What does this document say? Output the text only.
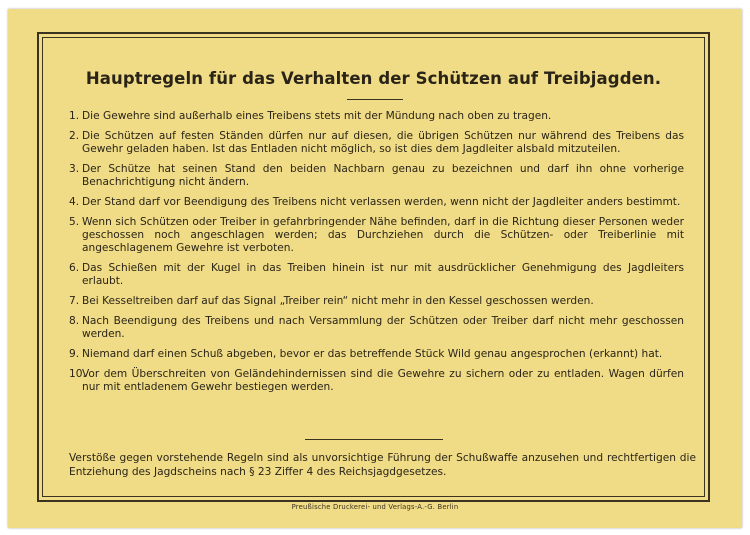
Hauptregeln für das Verhalten der Schützen auf Treibjagden.
1. Die Gewehre sind außerhalb eines Treibens stets mit der Mündung nach oben zu tragen.
2. Die Schützen auf festen Ständen dürfen nur auf diesen, die übrigen Schützen nur während des Treibens das Gewehr geladen haben. Ist das Entladen nicht möglich, so ist dies dem Jagdleiter alsbald mitzuteilen.
3. Der Schütze hat seinen Stand den beiden Nachbarn genau zu bezeichnen und darf ihn ohne vorherige Benachrichtigung nicht ändern.
4. Der Stand darf vor Beendigung des Treibens nicht verlassen werden, wenn nicht der Jagdleiter anders bestimmt.
5. Wenn sich Schützen oder Treiber in gefahrbringender Nähe befinden, darf in die Richtung dieser Personen weder geschossen noch angeschlagen werden; das Durchziehen durch die Schützen- oder Treiberlinie mit angeschlagenem Gewehre ist verboten.
6. Das Schießen mit der Kugel in das Treiben hinein ist nur mit ausdrücklicher Genehmigung des Jagdleiters erlaubt.
7. Bei Kesseltreiben darf auf das Signal „Treiber rein“ nicht mehr in den Kessel geschossen werden.
8. Nach Beendigung des Treibens und nach Versammlung der Schützen oder Treiber darf nicht mehr geschossen werden.
9. Niemand darf einen Schuß abgeben, bevor er das betreffende Stück Wild genau angesprochen (erkannt) hat.
10.
Vor dem Überschreiten von Geländehindernissen sind die Gewehre zu sichern oder zu entladen. Wagen dürfen nur mit entladenem Gewehr bestiegen werden.
Verstöße gegen vorstehende Regeln sind als unvorsichtige Führung der Schußwaffe anzusehen und rechtfertigen die Entziehung des Jagdscheins nach § 23 Ziffer 4 des Reichsjagdgesetzes.
Preußische Druckerei- und Verlags-A.-G. Berlin
